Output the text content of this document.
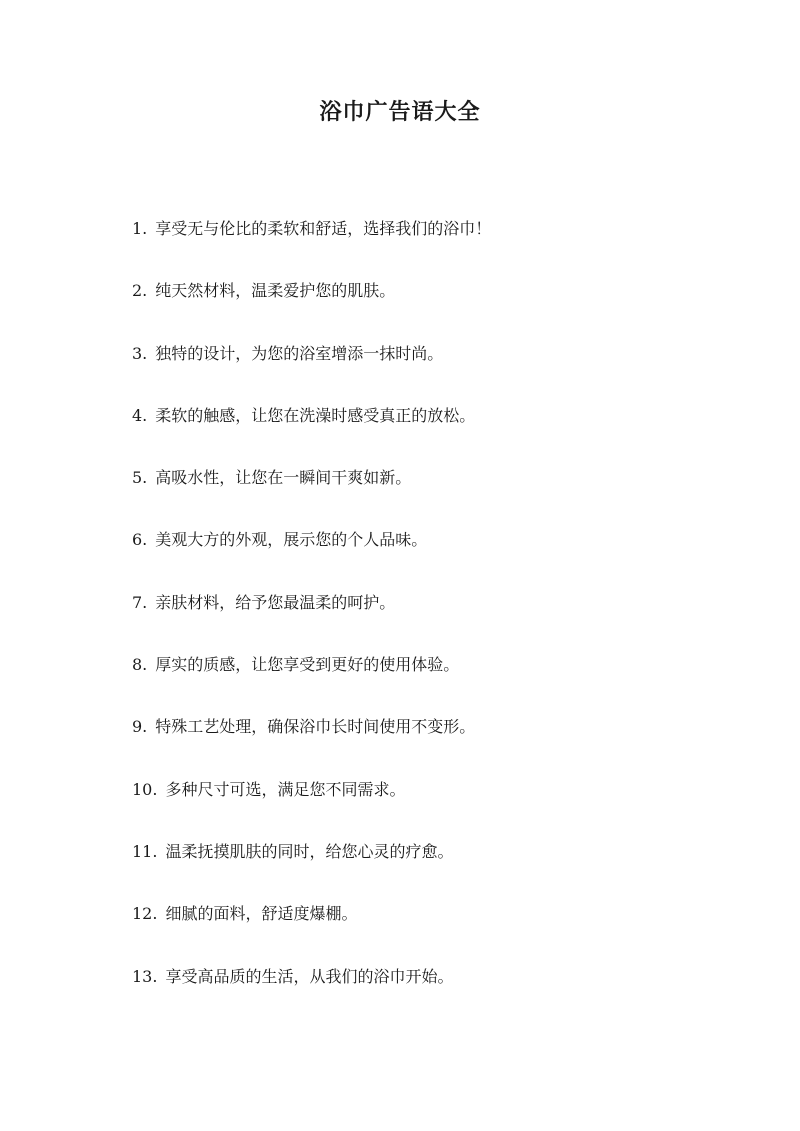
浴巾广告语大全
1. 享受无与伦比的柔软和舒适，选择我们的浴巾！
2. 纯天然材料，温柔爱护您的肌肤。
3. 独特的设计，为您的浴室增添一抹时尚。
4. 柔软的触感，让您在洗澡时感受真正的放松。
5. 高吸水性，让您在一瞬间干爽如新。
6. 美观大方的外观，展示您的个人品味。
7. 亲肤材料，给予您最温柔的呵护。
8. 厚实的质感，让您享受到更好的使用体验。
9. 特殊工艺处理，确保浴巾长时间使用不变形。
10. 多种尺寸可选，满足您不同需求。
11. 温柔抚摸肌肤的同时，给您心灵的疗愈。
12. 细腻的面料，舒适度爆棚。
13. 享受高品质的生活，从我们的浴巾开始。
